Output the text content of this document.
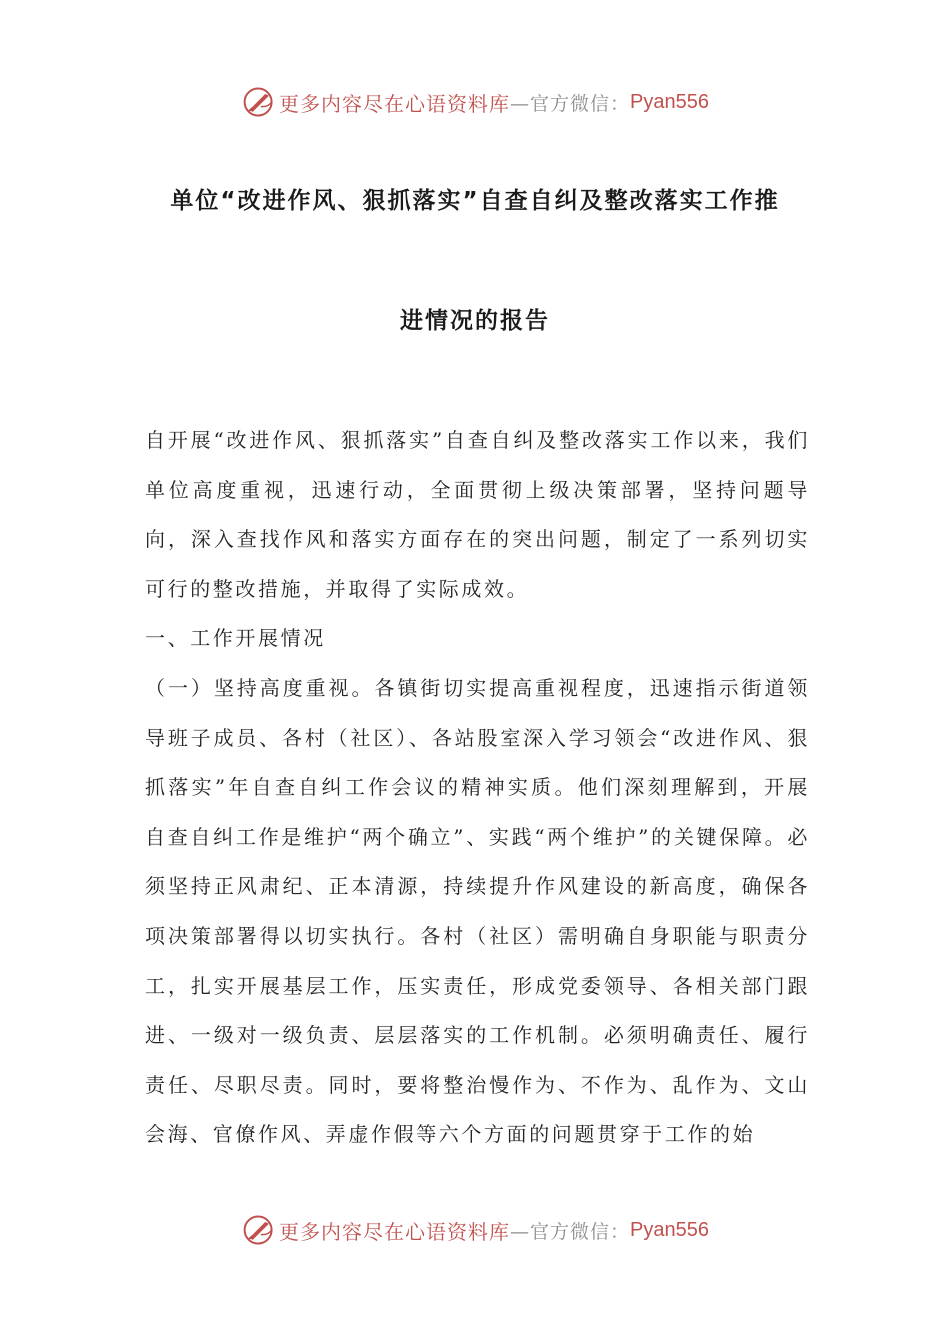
更多内容尽在心语资料库 —官方微信： Pyan556
单位“改进作风、狠抓落实”自查自纠及整改落实工作推
进情况的报告

自开展“改进作风、狠抓落实”自查自纠及整改落实工作以来，我们单位高度重视，迅速行动，全面贯彻上级决策部署，坚持问题导向，深入查找作风和落实方面存在的突出问题，制定了一系列切实可行的整改措施，并取得了实际成效。

一、工作开展情况

（一）坚持高度重视。各镇街切实提高重视程度，迅速指示街道领导班子成员、各村（社区）、各站股室深入学习领会“改进作风、狠抓落实”年自查自纠工作会议的精神实质。他们深刻理解到，开展自查自纠工作是维护“两个确立”、实践“两个维护”的关键保障。必须坚持正风肃纪、正本清源，持续提升作风建设的新高度，确保各项决策部署得以切实执行。各村（社区）需明确自身职能与职责分工，扎实开展基层工作，压实责任，形成党委领导、各相关部门跟进、一级对一级负责、层层落实的工作机制。必须明确责任、履行责任、尽职尽责。同时，要将整治慢作为、不作为、乱作为、文山会海、官僚作风、弄虚作假等六个方面的问题贯穿于工作的始

更多内容尽在心语资料库 —官方微信： Pyan556
